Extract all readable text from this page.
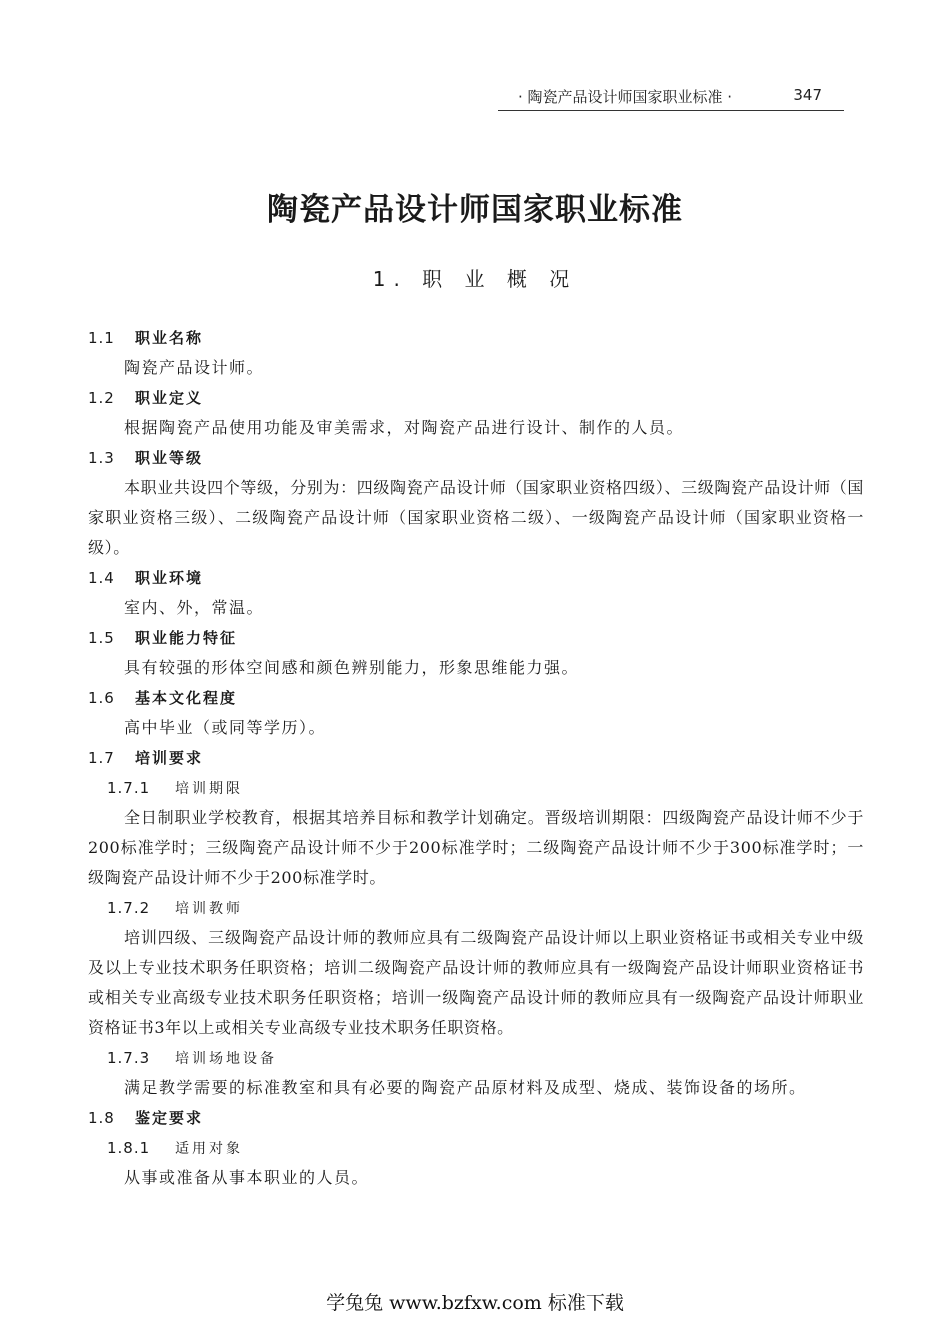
· 陶瓷产品设计师国家职业标准 ·	347
陶瓷产品设计师国家职业标准
1. 职 业 概 况
1.1 职业名称
陶瓷产品设计师。
1.2 职业定义
根据陶瓷产品使用功能及审美需求，对陶瓷产品进行设计、制作的人员。
1.3 职业等级
本职业共设四个等级，分别为：四级陶瓷产品设计师（国家职业资格四级）、三级陶瓷产品设计师（国家职业资格三级）、二级陶瓷产品设计师（国家职业资格二级）、一级陶瓷产品设计师（国家职业资格一级）。
1.4 职业环境
室内、外，常温。
1.5 职业能力特征
具有较强的形体空间感和颜色辨别能力，形象思维能力强。
1.6 基本文化程度
高中毕业（或同等学历）。
1.7 培训要求
1.7.1 培训期限
全日制职业学校教育，根据其培养目标和教学计划确定。晋级培训期限：四级陶瓷产品设计师不少于200标准学时；三级陶瓷产品设计师不少于200标准学时；二级陶瓷产品设计师不少于300标准学时；一级陶瓷产品设计师不少于200标准学时。
1.7.2 培训教师
培训四级、三级陶瓷产品设计师的教师应具有二级陶瓷产品设计师以上职业资格证书或相关专业中级及以上专业技术职务任职资格；培训二级陶瓷产品设计师的教师应具有一级陶瓷产品设计师职业资格证书或相关专业高级专业技术职务任职资格；培训一级陶瓷产品设计师的教师应具有一级陶瓷产品设计师职业资格证书3年以上或相关专业高级专业技术职务任职资格。
1.7.3 培训场地设备
满足教学需要的标准教室和具有必要的陶瓷产品原材料及成型、烧成、装饰设备的场所。
1.8 鉴定要求
1.8.1 适用对象
从事或准备从事本职业的人员。
学兔兔 www.bzfxw.com 标准下载
